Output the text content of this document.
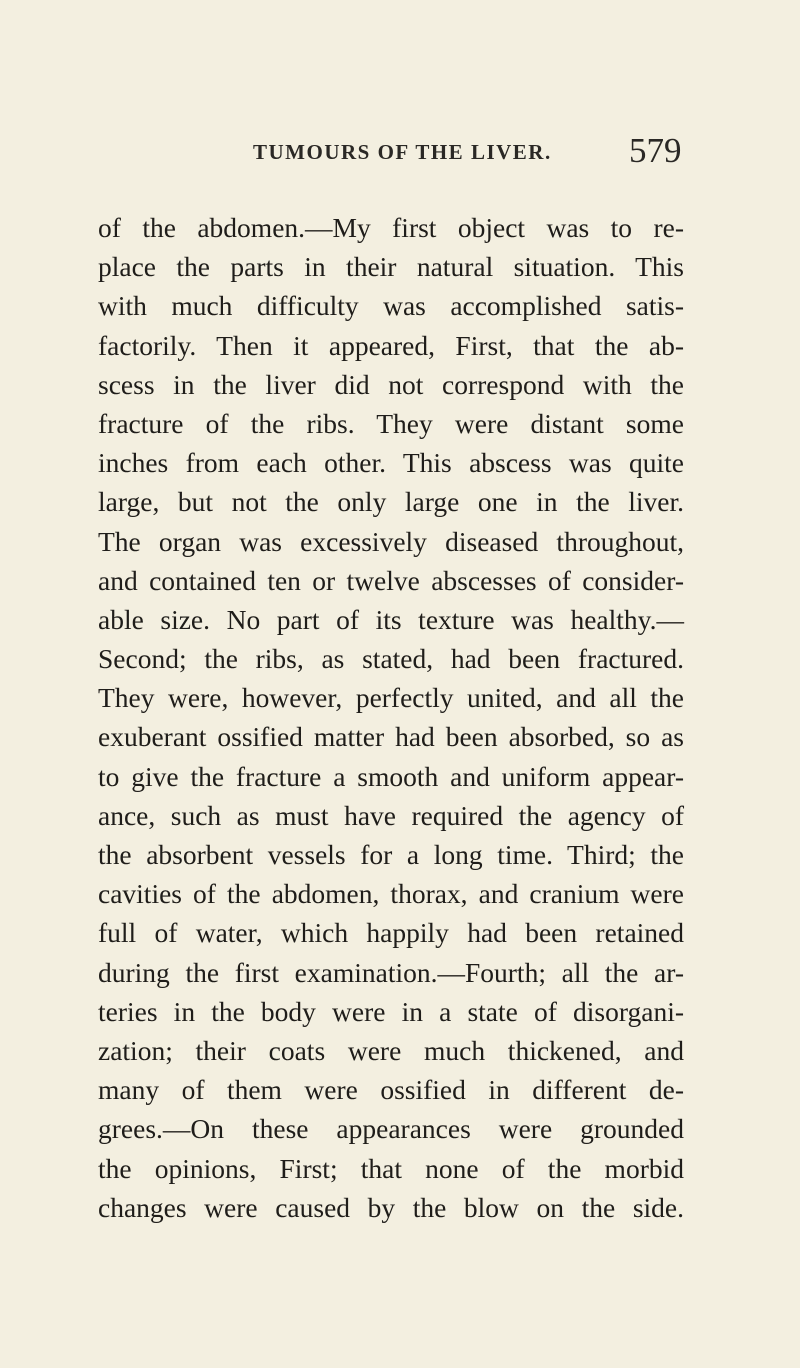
TUMOURS OF THE LIVER. 579
of the abdomen.—My first object was to re-
place the parts in their natural situation. This
with much difficulty was accomplished satis-
factorily. Then it appeared, First, that the ab-
scess in the liver did not correspond with the
fracture of the ribs. They were distant some
inches from each other. This abscess was quite
large, but not the only large one in the liver.
The organ was excessively diseased throughout,
and contained ten or twelve abscesses of consider-
able size. No part of its texture was healthy.—
Second; the ribs, as stated, had been fractured.
They were, however, perfectly united, and all the
exuberant ossified matter had been absorbed, so as
to give the fracture a smooth and uniform appear-
ance, such as must have required the agency of
the absorbent vessels for a long time. Third; the
cavities of the abdomen, thorax, and cranium were
full of water, which happily had been retained
during the first examination.—Fourth; all the ar-
teries in the body were in a state of disorgani-
zation; their coats were much thickened, and
many of them were ossified in different de-
grees.—On these appearances were grounded
the opinions, First; that none of the morbid
changes were caused by the blow on the side.
